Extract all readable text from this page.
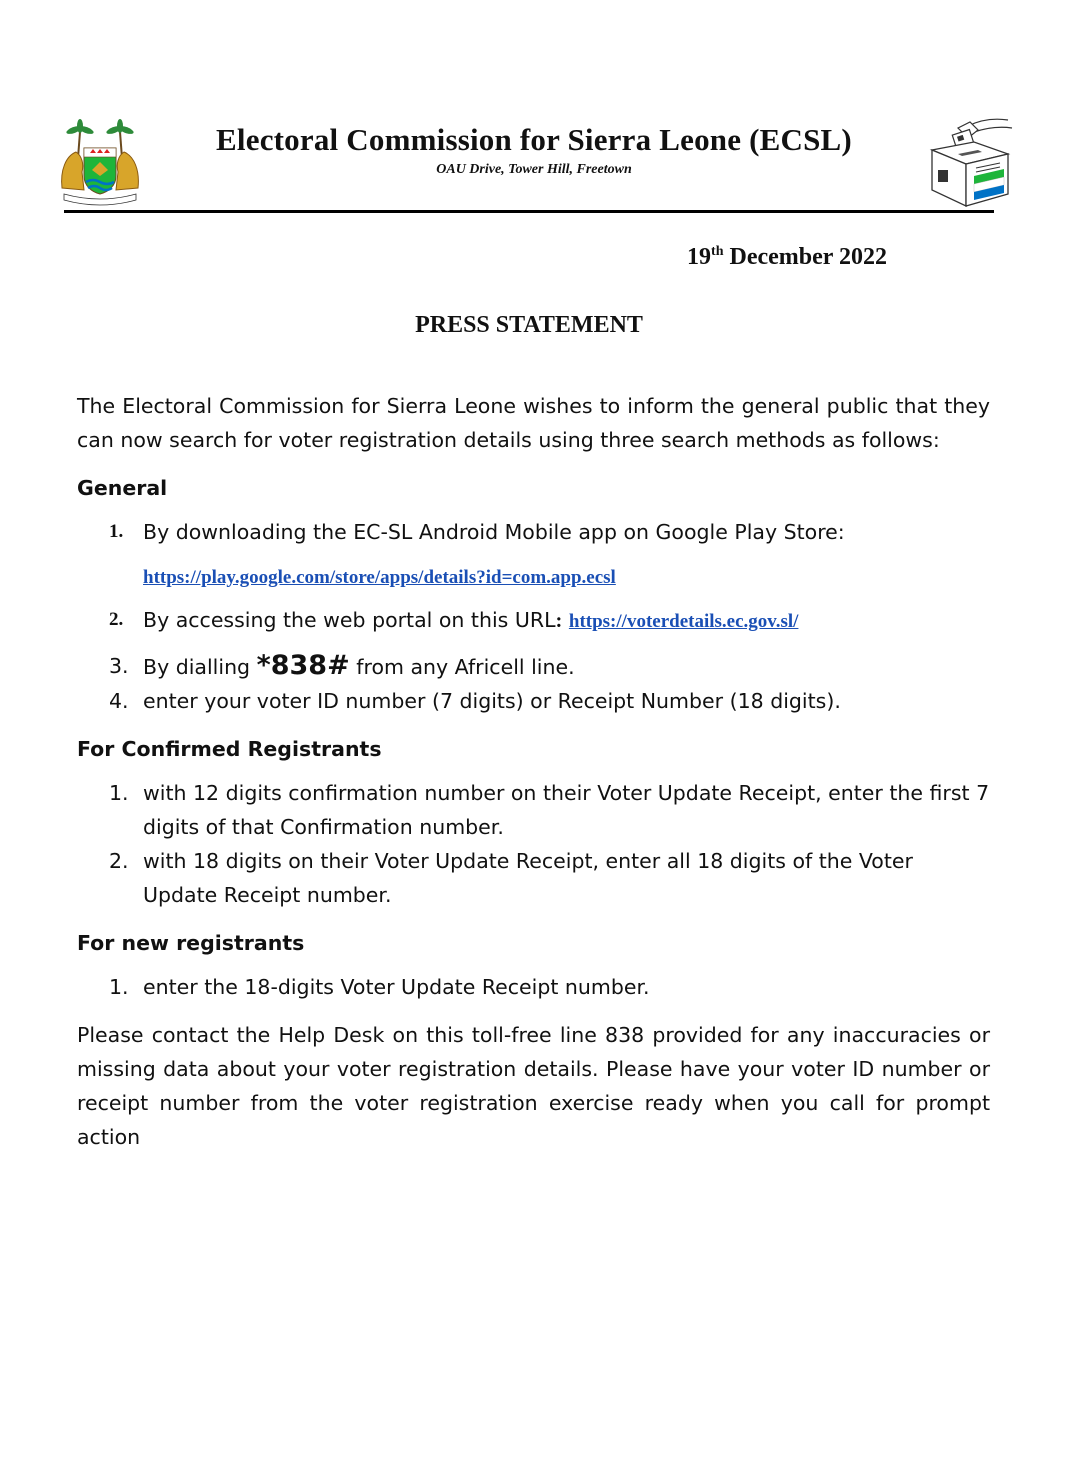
Electoral Commission for Sierra Leone (ECSL)
OAU Drive, Tower Hill, Freetown
19th December 2022
PRESS STATEMENT

The Electoral Commission for Sierra Leone wishes to inform the general public that they can now search for voter registration details using three search methods as follows:

General

1. By downloading the EC-SL Android Mobile app on Google Play Store:
https://play.google.com/store/apps/details?id=com.app.ecsl
2. By accessing the web portal on this URL: https://voterdetails.ec.gov.sl/
3. By dialling *838# from any Africell line.
4. enter your voter ID number (7 digits) or Receipt Number (18 digits).

For Confirmed Registrants

1. with 12 digits confirmation number on their Voter Update Receipt, enter the first 7 digits of that Confirmation number.
2. with 18 digits on their Voter Update Receipt, enter all 18 digits of the Voter Update Receipt number.

For new registrants

1. enter the 18-digits Voter Update Receipt number.

Please contact the Help Desk on this toll-free line 838 provided for any inaccuracies or missing data about your voter registration details. Please have your voter ID number or receipt number from the voter registration exercise ready when you call for prompt action
